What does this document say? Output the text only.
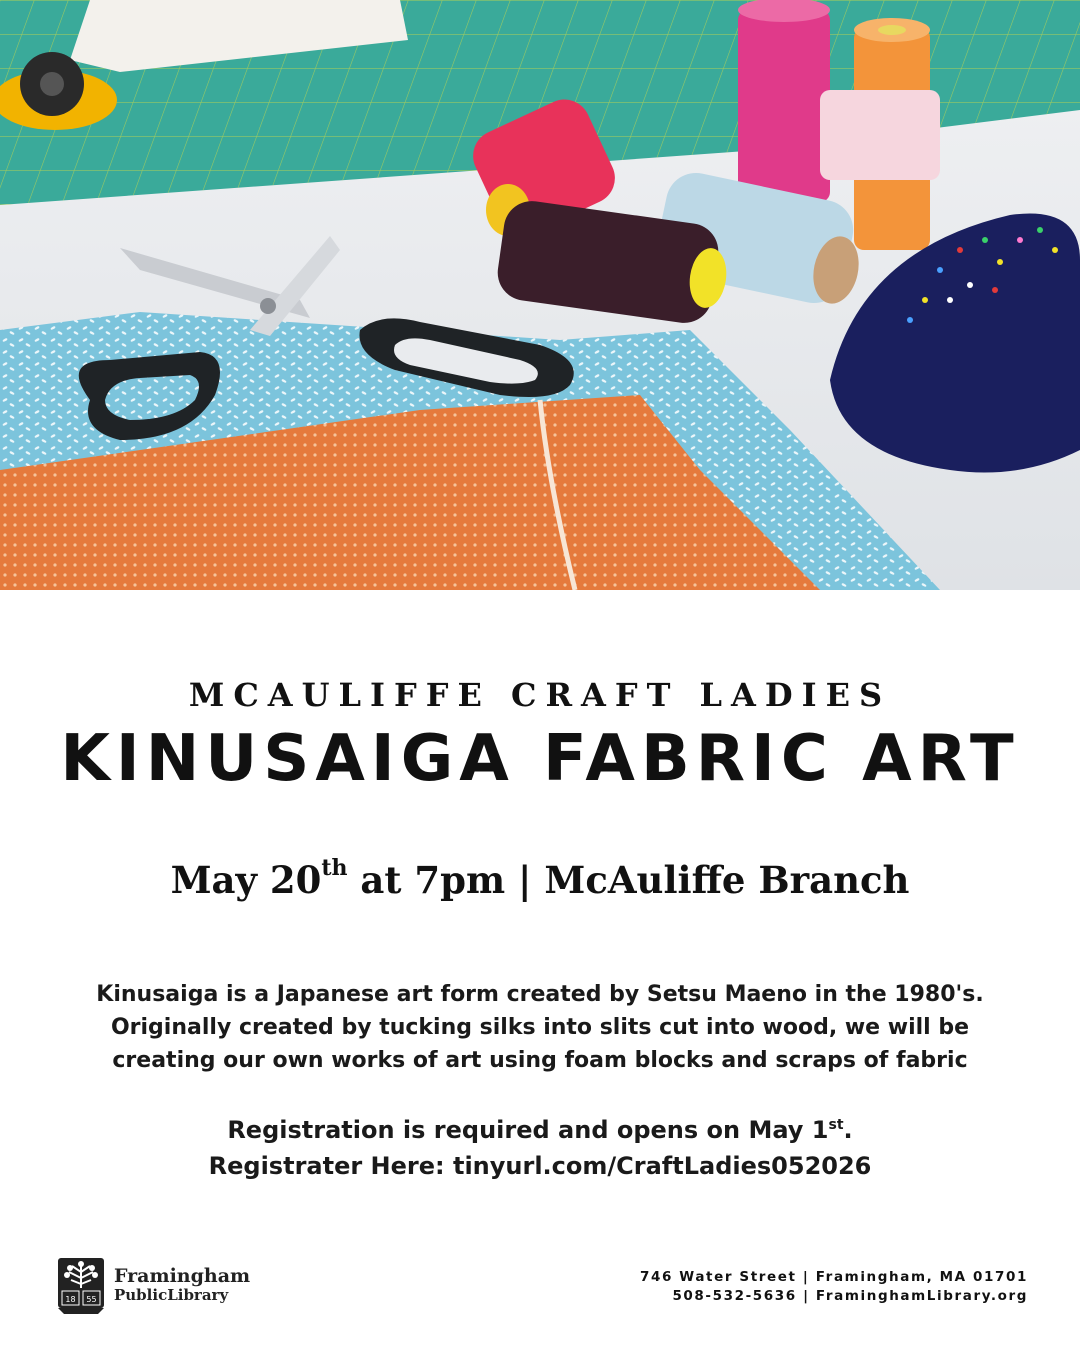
MCAULIFFE CRAFT LADIES
KINUSAIGA FABRIC ART
May 20th at 7pm | McAuliffe Branch
Kinusaiga is a Japanese art form created by Setsu Maeno in the 1980's.
Originally created by tucking silks into slits cut into wood, we will be
creating our own works of art using foam blocks and scraps of fabric
Registration is required and opens on May 1st.
Registrater Here: tinyurl.com/CraftLadies052026
18 55
Framingham
PublicLibrary
746 Water Street | Framingham, MA 01701
508-532-5636 | FraminghamLibrary.org
